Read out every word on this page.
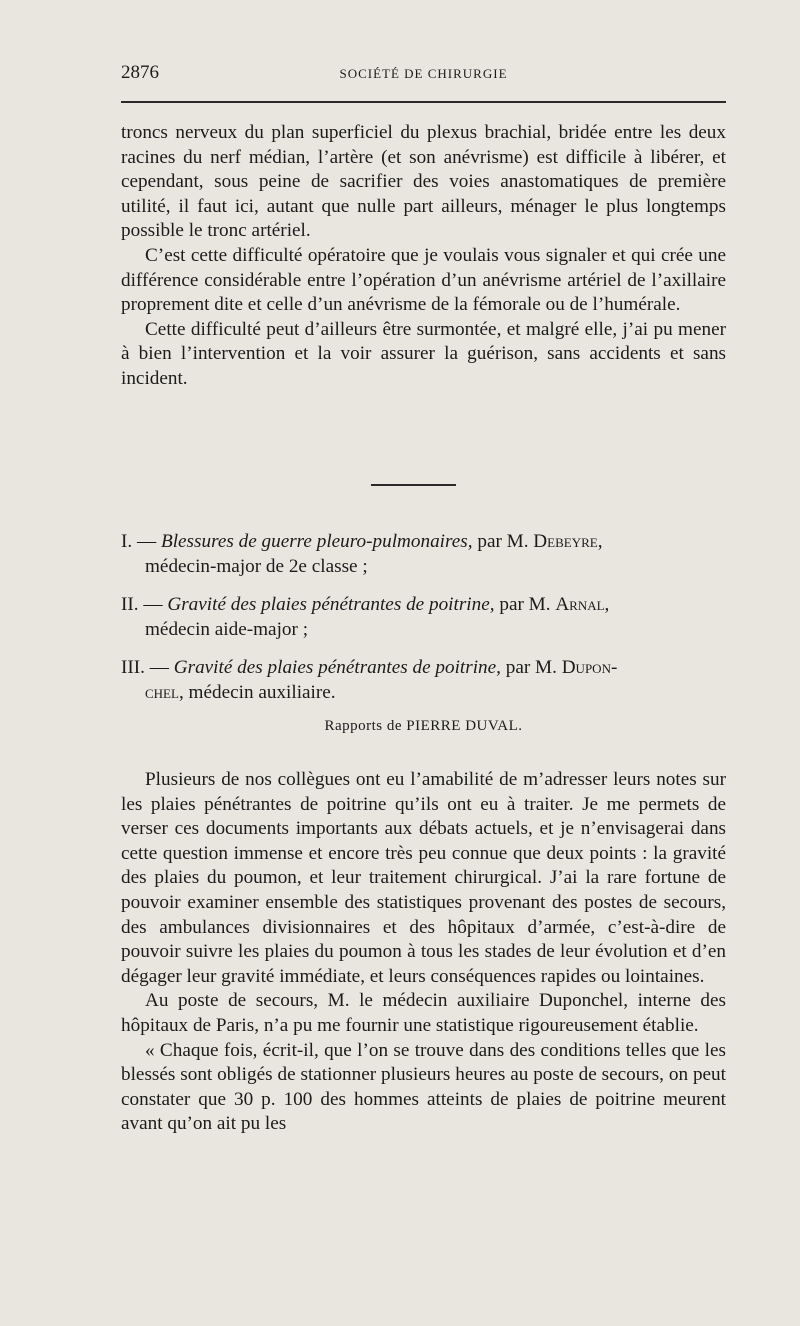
2876	SOCIÉTÉ DE CHIRURGIE

troncs nerveux du plan superficiel du plexus brachial, bridée entre les deux racines du nerf médian, l’artère (et son anévrisme) est difficile à libérer, et cependant, sous peine de sacrifier des voies anastomatiques de première utilité, il faut ici, autant que nulle part ailleurs, ménager le plus longtemps possible le tronc artériel.

C’est cette difficulté opératoire que je voulais vous signaler et qui crée une différence considérable entre l’opération d’un anévrisme artériel de l’axillaire proprement dite et celle d’un anévrisme de la fémorale ou de l’humérale.

Cette difficulté peut d’ailleurs être surmontée, et malgré elle, j’ai pu mener à bien l’intervention et la voir assurer la guérison, sans accidents et sans incident.

I. — Blessures de guerre pleuro-pulmonaires, par M. Debeyre,
médecin-major de 2e classe ;
II. — Gravité des plaies pénétrantes de poitrine, par M. Arnal,
médecin aide-major ;
III. — Gravité des plaies pénétrantes de poitrine, par M. Dupon-
chel, médecin auxiliaire.
Rapports de PIERRE DUVAL.

Plusieurs de nos collègues ont eu l’amabilité de m’adresser leurs notes sur les plaies pénétrantes de poitrine qu’ils ont eu à traiter. Je me permets de verser ces documents importants aux débats actuels, et je n’envisagerai dans cette question immense et encore très peu connue que deux points : la gravité des plaies du poumon, et leur traitement chirurgical. J’ai la rare fortune de pouvoir examiner ensemble des statistiques provenant des postes de secours, des ambulances divisionnaires et des hôpitaux d’armée, c’est-à-dire de pouvoir suivre les plaies du poumon à tous les stades de leur évolution et d’en dégager leur gravité immédiate, et leurs conséquences rapides ou lointaines.

Au poste de secours, M. le médecin auxiliaire Duponchel, interne des hôpitaux de Paris, n’a pu me fournir une statistique rigoureusement établie.

« Chaque fois, écrit-il, que l’on se trouve dans des conditions telles que les blessés sont obligés de stationner plusieurs heures au poste de secours, on peut constater que 30 p. 100 des hommes atteints de plaies de poitrine meurent avant qu’on ait pu les
